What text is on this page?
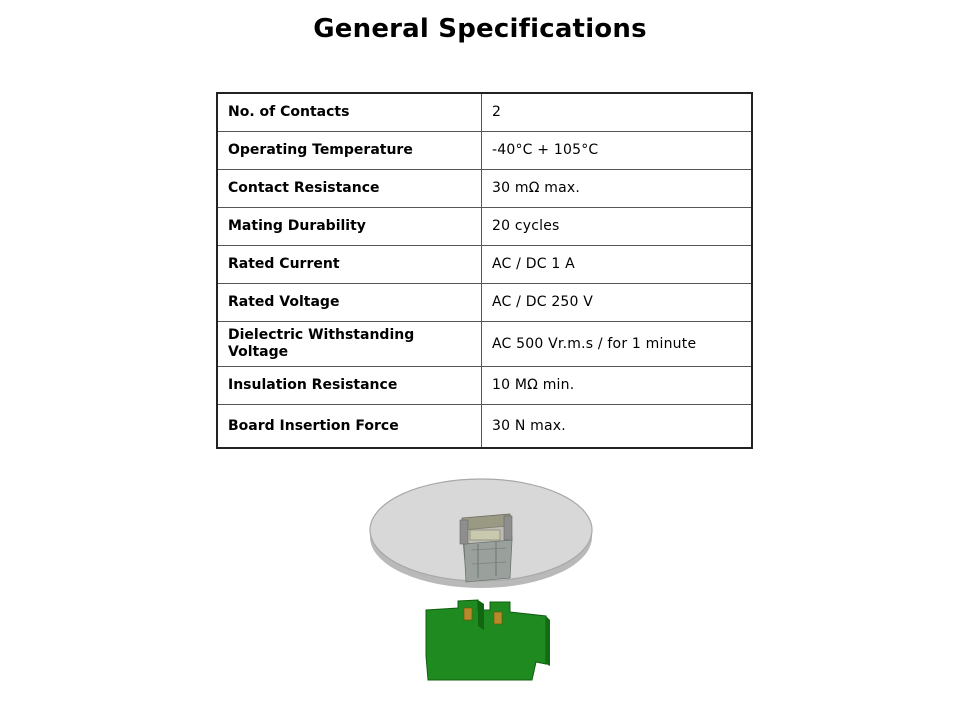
General Specifications
No. of Contacts	2
Operating Temperature	-40°C + 105°C
Contact Resistance	30 mΩ max.
Mating Durability	20 cycles
Rated Current	AC / DC 1 A
Rated Voltage	AC / DC 250 V

Dielectric Withstanding Voltage	AC 500 Vr.m.s / for 1 minute
Insulation Resistance	10 MΩ min.
Board Insertion Force	30 N max.
